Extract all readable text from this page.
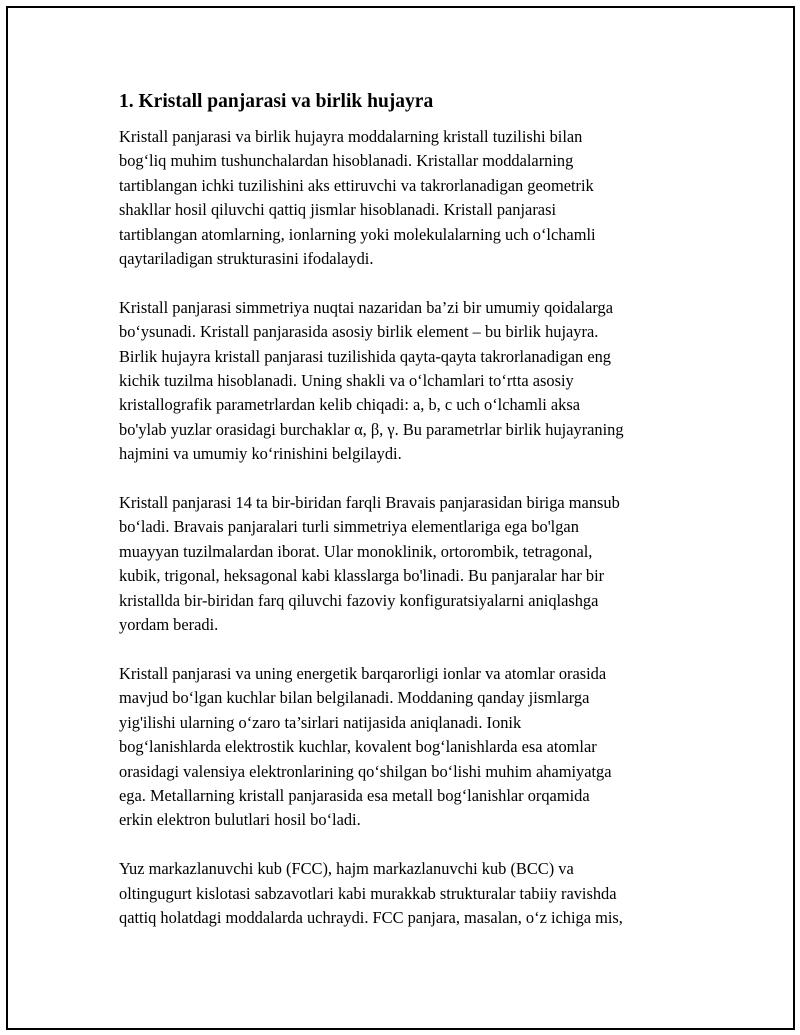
1. Kristall panjarasi va birlik hujayra

Kristall panjarasi va birlik hujayra moddalarning kristall tuzilishi bilan
bog‘liq muhim tushunchalardan hisoblanadi. Kristallar moddalarning
tartiblangan ichki tuzilishini aks ettiruvchi va takrorlanadigan geometrik
shakllar hosil qiluvchi qattiq jismlar hisoblanadi. Kristall panjarasi
tartiblangan atomlarning, ionlarning yoki molekulalarning uch o‘lchamli
qaytariladigan strukturasini ifodalaydi.

Kristall panjarasi simmetriya nuqtai nazaridan ba’zi bir umumiy qoidalarga
bo‘ysunadi. Kristall panjarasida asosiy birlik element – bu birlik hujayra.
Birlik hujayra kristall panjarasi tuzilishida qayta-qayta takrorlanadigan eng
kichik tuzilma hisoblanadi. Uning shakli va o‘lchamlari to‘rtta asosiy
kristallografik parametrlardan kelib chiqadi: a, b, c uch o‘lchamli aksa
bo'ylab yuzlar orasidagi burchaklar α, β, γ. Bu parametrlar birlik hujayraning
hajmini va umumiy ko‘rinishini belgilaydi.

Kristall panjarasi 14 ta bir-biridan farqli Bravais panjarasidan biriga mansub
bo‘ladi. Bravais panjaralari turli simmetriya elementlariga ega bo'lgan
muayyan tuzilmalardan iborat. Ular monoklinik, ortorombik, tetragonal,
kubik, trigonal, heksagonal kabi klasslarga bo'linadi. Bu panjaralar har bir
kristallda bir-biridan farq qiluvchi fazoviy konfiguratsiyalarni aniqlashga
yordam beradi.

Kristall panjarasi va uning energetik barqarorligi ionlar va atomlar orasida
mavjud bo‘lgan kuchlar bilan belgilanadi. Moddaning qanday jismlarga
yig'ilishi ularning o‘zaro ta’sirlari natijasida aniqlanadi. Ionik
bog‘lanishlarda elektrostik kuchlar, kovalent bog‘lanishlarda esa atomlar
orasidagi valensiya elektronlarining qo‘shilgan bo‘lishi muhim ahamiyatga
ega. Metallarning kristall panjarasida esa metall bog‘lanishlar orqamida
erkin elektron bulutlari hosil bo‘ladi.

Yuz markazlanuvchi kub (FCC), hajm markazlanuvchi kub (BCC) va
oltingugurt kislotasi sabzavotlari kabi murakkab strukturalar tabiiy ravishda
qattiq holatdagi moddalarda uchraydi. FCC panjara, masalan, o‘z ichiga mis,
